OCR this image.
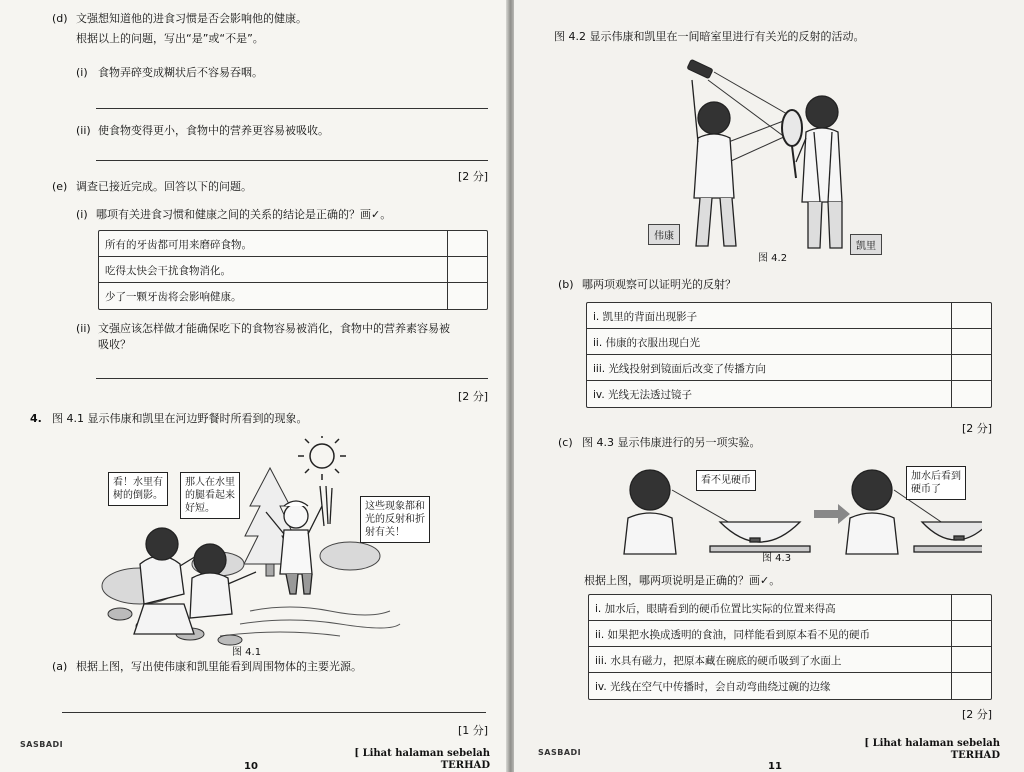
(d) 文强想知道他的进食习惯是否会影响他的健康。
根据以上的问题，写出“是”或“不是”。
(i) 食物弄碎变成糊状后不容易吞咽。
(ii) 使食物变得更小，食物中的营养更容易被吸收。
[2 分]
(e) 调查已接近完成。回答以下的问题。
(i) 哪项有关进食习惯和健康之间的关系的结论是正确的？画✓。
所有的牙齿都可用来磨碎食物。
吃得太快会干扰食物消化。
少了一颗牙齿将会影响健康。
(ii) 文强应该怎样做才能确保吃下的食物容易被消化，食物中的营养素容易被
吸收？
[2 分]
4. 图 4.1 显示伟康和凯里在河边野餐时所看到的现象。
看！水里有
树的倒影。
那人在水里
的腿看起来
好短。	这些现象都和
光的反射和折
射有关！
图 4.1
(a) 根据上图，写出使伟康和凯里能看到周围物体的主要光源。
[1 分]
SASBADI
10
[ Lihat halaman sebelah
TERHAD
图 4.2 显示伟康和凯里在一间暗室里进行有关光的反射的活动。
伟康
凯里
图 4.2
(b) 哪两项观察可以证明光的反射？
i. 凯里的背面出现影子
ii. 伟康的衣服出现白光
iii. 光线投射到镜面后改变了传播方向
iv. 光线无法透过镜子
[2 分]
(c) 图 4.3 显示伟康进行的另一项实验。
看不见硬币	加水后看到
硬币了
图 4.3
根据上图，哪两项说明是正确的？画✓。
i. 加水后，眼睛看到的硬币位置比实际的位置来得高
ii. 如果把水换成透明的食油，同样能看到原本看不见的硬币
iii. 水具有磁力，把原本藏在碗底的硬币吸到了水面上
iv. 光线在空气中传播时，会自动弯曲绕过碗的边缘
[2 分]
SASBADI
11
[ Lihat halaman sebelah
TERHAD
